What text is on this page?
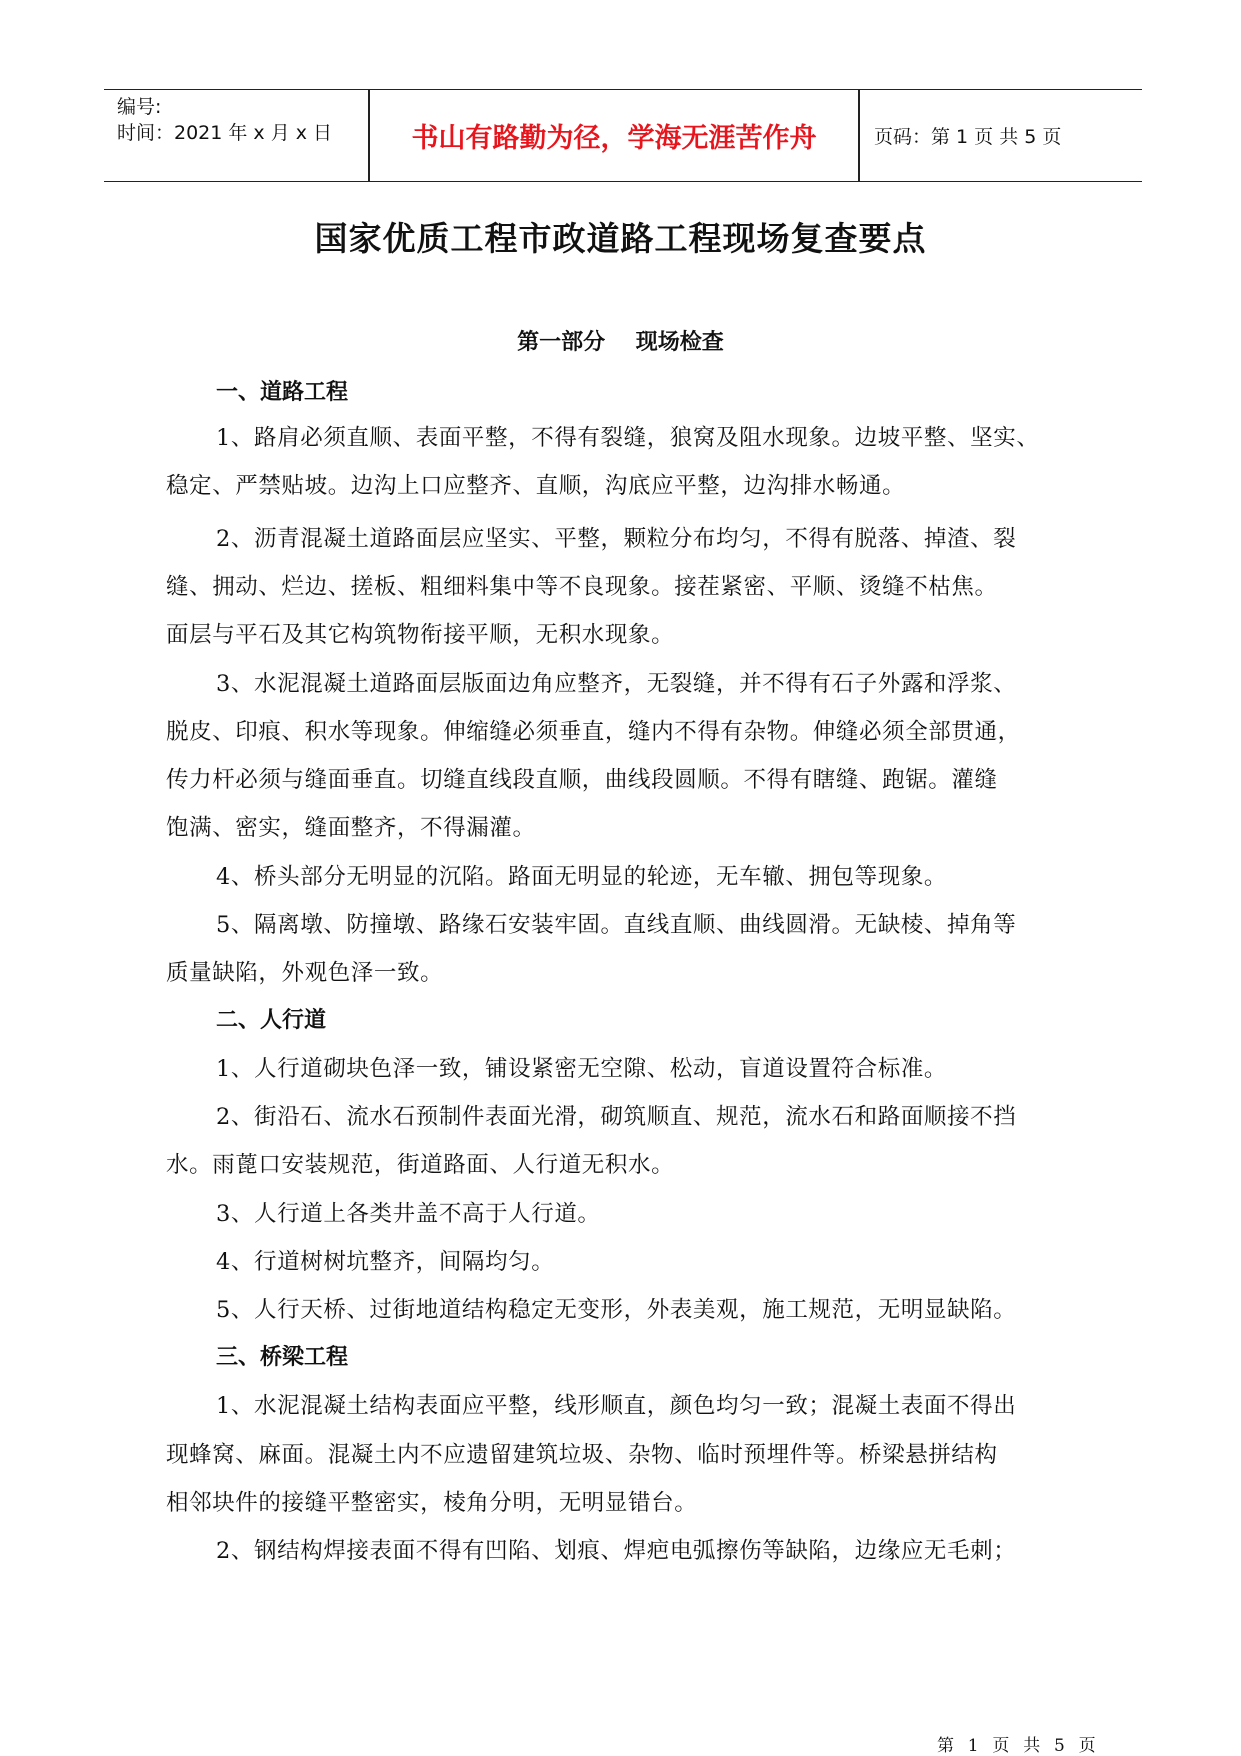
编号:
时间：2021 年 x 月 x 日	书山有路勤为径，学海无涯苦作舟	页码：第 1 页 共 5 页
国家优质工程市政道路工程现场复查要点
第一部分    现场检查
一、道路工程
1、路肩必须直顺、表面平整，不得有裂缝，狼窝及阻水现象。边坡平整、坚实、
稳定、严禁贴坡。边沟上口应整齐、直顺，沟底应平整，边沟排水畅通。
2、沥青混凝土道路面层应坚实、平整，颗粒分布均匀，不得有脱落、掉渣、裂
缝、拥动、烂边、搓板、粗细料集中等不良现象。接茬紧密、平顺、烫缝不枯焦。
面层与平石及其它构筑物衔接平顺，无积水现象。
3、水泥混凝土道路面层版面边角应整齐，无裂缝，并不得有石子外露和浮浆、
脱皮、印痕、积水等现象。伸缩缝必须垂直，缝内不得有杂物。伸缝必须全部贯通，
传力杆必须与缝面垂直。切缝直线段直顺，曲线段圆顺。不得有瞎缝、跑锯。灌缝
饱满、密实，缝面整齐，不得漏灌。
4、桥头部分无明显的沉陷。路面无明显的轮迹，无车辙、拥包等现象。
5、隔离墩、防撞墩、路缘石安装牢固。直线直顺、曲线圆滑。无缺棱、掉角等
质量缺陷，外观色泽一致。
二、人行道
1、人行道砌块色泽一致，铺设紧密无空隙、松动，盲道设置符合标准。
2、街沿石、流水石预制件表面光滑，砌筑顺直、规范，流水石和路面顺接不挡
水。雨蓖口安装规范，街道路面、人行道无积水。
3、人行道上各类井盖不高于人行道。
4、行道树树坑整齐，间隔均匀。
5、人行天桥、过街地道结构稳定无变形，外表美观，施工规范，无明显缺陷。
三、桥梁工程
1、水泥混凝土结构表面应平整，线形顺直，颜色均匀一致；混凝土表面不得出
现蜂窝、麻面。混凝土内不应遗留建筑垃圾、杂物、临时预埋件等。桥梁悬拼结构
相邻块件的接缝平整密实，棱角分明，无明显错台。
2、钢结构焊接表面不得有凹陷、划痕、焊疤电弧擦伤等缺陷，边缘应无毛刺；
第  1  页  共  5  页
